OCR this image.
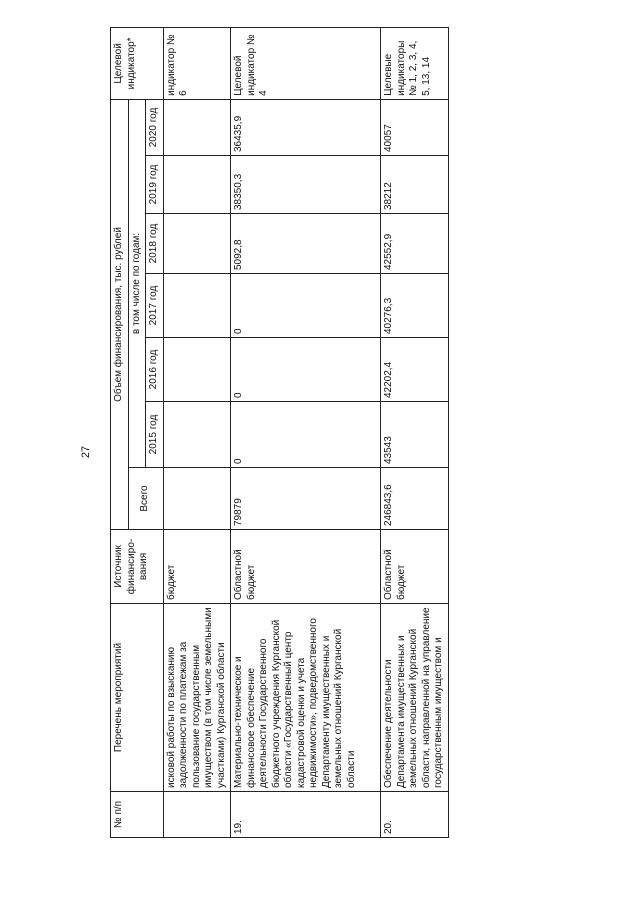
27
№ п/п	Перечень мероприятий	Источник финансиро-вания	Объем финансирования, тыс. рублей							Целевой индикатор*
			Всего	в том числе по годам:						
				2015 год	2016 год	2017 год	2018 год	2019 год	2020 год	
	исковой работы по взысканию задолженности по платежам за пользование государственным имуществом (в том числе земельными участками) Курганской области	бюджет								индикатор № 6
19.	Материально-техническое и финансовое обеспечение деятельности Государственного бюджетного учреждения Курганской области «Государственный центр кадастровой оценки и учета недвижимости», подведомственного Департаменту имущественных и земельных отношений Курганской области	Областной бюджет	79879	0	0	0	5092,8	38350,3	36435,9	Целевой индикатор № 4
20.	Обеспечение деятельности Департамента имущественных и земельных отношений Курганской области, направленной на управление государственным имуществом и	Областной бюджет	246843,6	43543	42202,4	40276,3	42552,9	38212	40057	Целевые индикаторы № 1, 2, 3, 4, 5, 13, 14
